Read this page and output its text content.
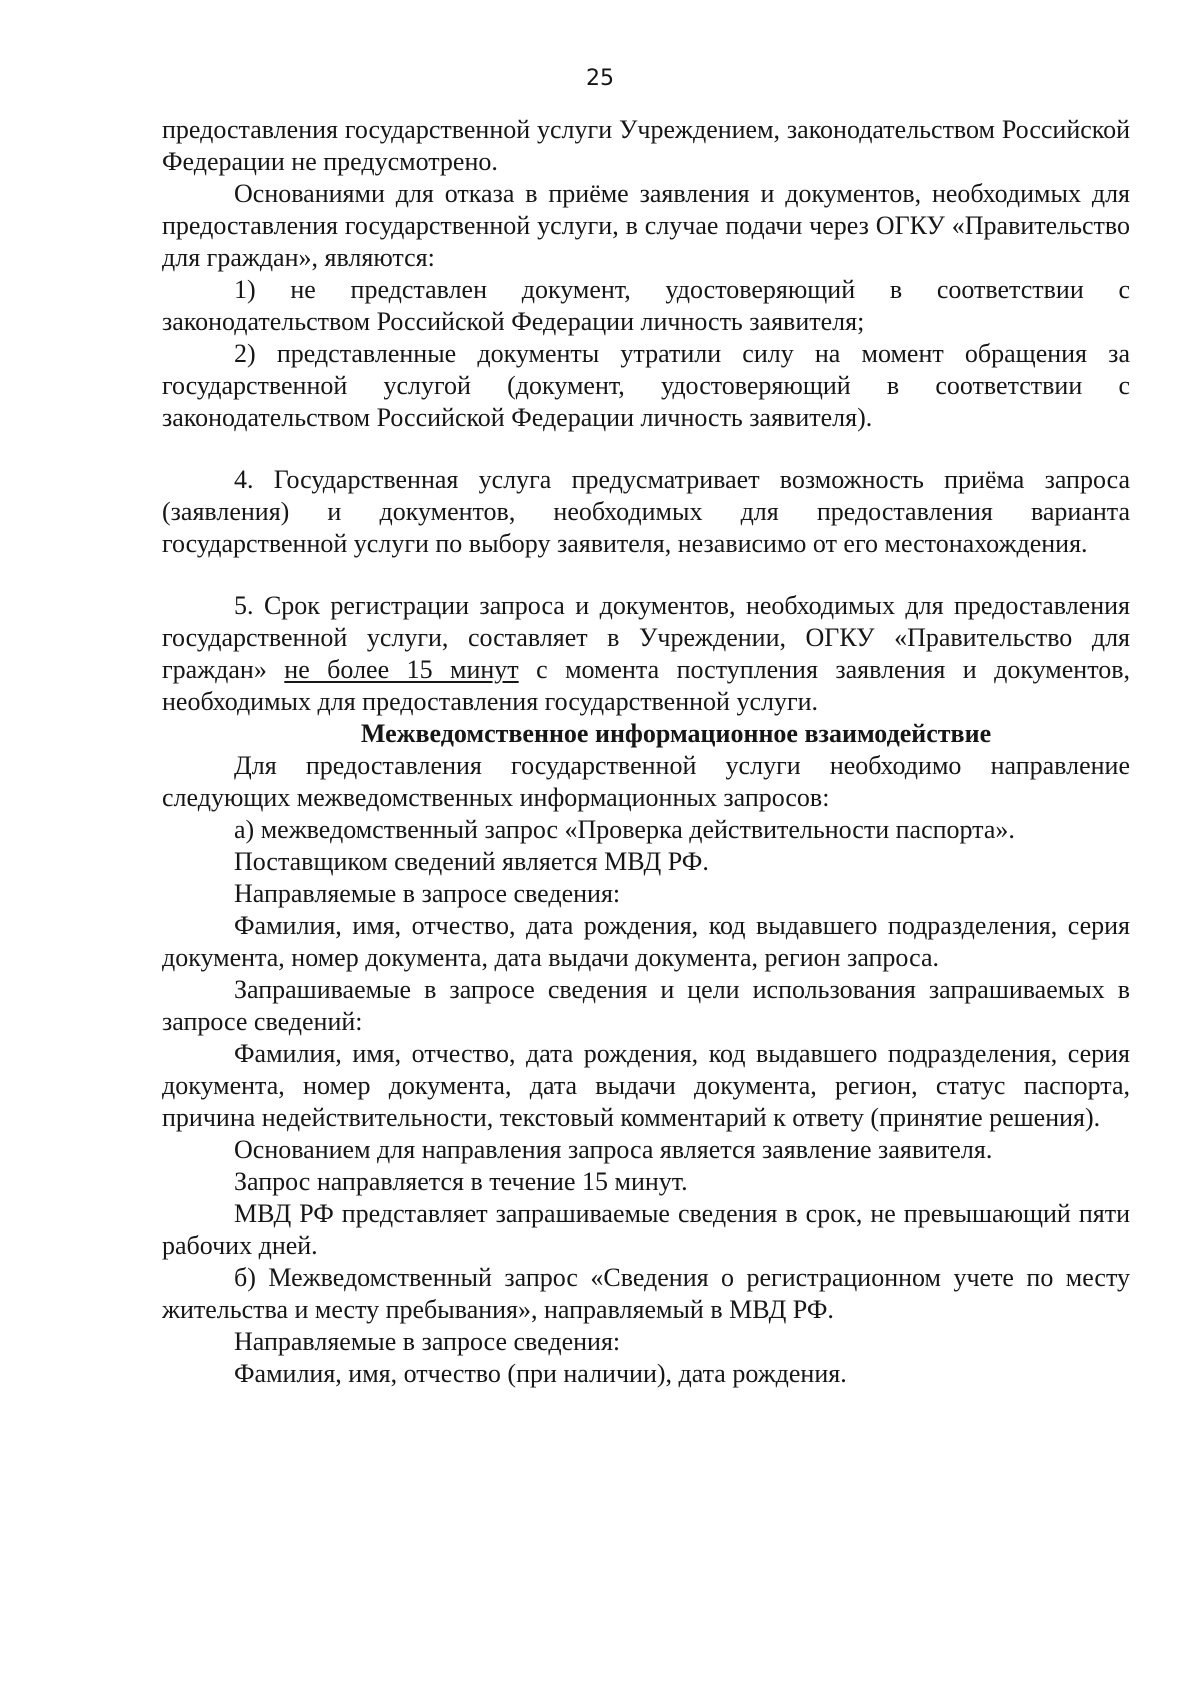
25

предоставления государственной услуги Учреждением, законодательством Российской Федерации не предусмотрено.

Основаниями для отказа в приёме заявления и документов, необходимых для предоставления государственной услуги, в случае подачи через ОГКУ «Правительство для граждан», являются:

1) не представлен документ, удостоверяющий в соответствии с законодательством Российской Федерации личность заявителя;

2) представленные документы утратили силу на момент обращения за государственной услугой (документ, удостоверяющий в соответствии с законодательством Российской Федерации личность заявителя).

4. Государственная услуга предусматривает возможность приёма запроса (заявления) и документов, необходимых для предоставления варианта государственной услуги по выбору заявителя, независимо от его местонахождения.

5. Срок регистрации запроса и документов, необходимых для предоставления государственной услуги, составляет в Учреждении, ОГКУ «Правительство для граждан» не более 15 минут с момента поступления заявления и документов, необходимых для предоставления государственной услуги.

Межведомственное информационное взаимодействие

Для предоставления государственной услуги необходимо направление следующих межведомственных информационных запросов:

а) межведомственный запрос «Проверка действительности паспорта».

Поставщиком сведений является МВД РФ.

Направляемые в запросе сведения:

Фамилия, имя, отчество, дата рождения, код выдавшего подразделения, серия документа, номер документа, дата выдачи документа, регион запроса.

Запрашиваемые в запросе сведения и цели использования запрашиваемых в запросе сведений:

Фамилия, имя, отчество, дата рождения, код выдавшего подразделения, серия документа, номер документа, дата выдачи документа, регион, статус паспорта, причина недействительности, текстовый комментарий к ответу (принятие решения).

Основанием для направления запроса является заявление заявителя.

Запрос направляется в течение 15 минут.

МВД РФ представляет запрашиваемые сведения в срок, не превышающий пяти рабочих дней.

б) Межведомственный запрос «Сведения о регистрационном учете по месту жительства и месту пребывания», направляемый в МВД РФ.

Направляемые в запросе сведения:

Фамилия, имя, отчество (при наличии), дата рождения.
